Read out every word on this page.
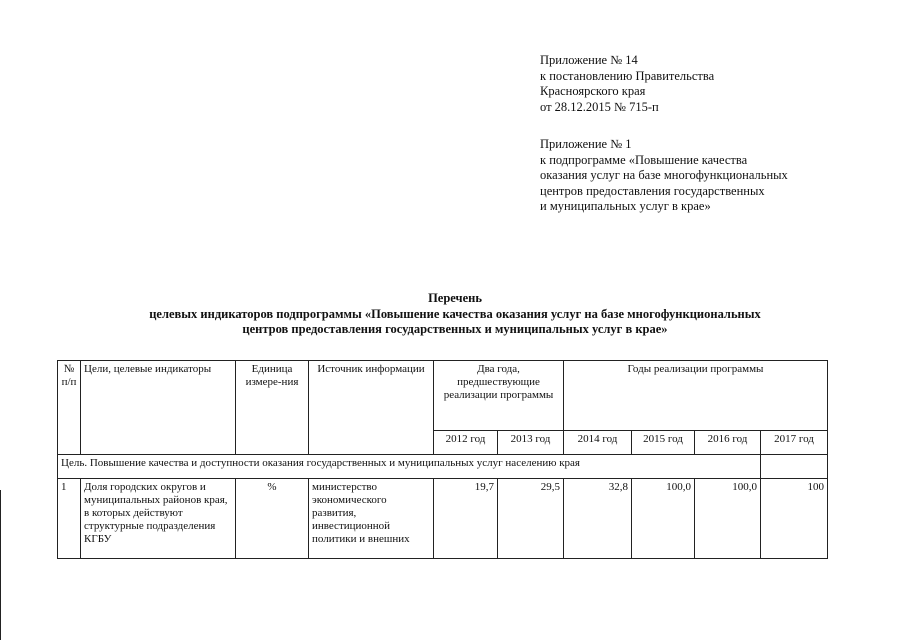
Приложение № 14
к постановлению Правительства
Красноярского края
от 28.12.2015 № 715-п
Приложение № 1
к подпрограмме «Повышение качества
оказания услуг на базе многофункциональных
центров предоставления государственных
и муниципальных услуг в крае»
Перечень
целевых индикаторов подпрограммы «Повышение качества оказания услуг на базе многофункциональных
центров предоставления государственных и муниципальных услуг в крае»
№ п/п	Цели, целевые индикаторы	Единица измере-ния	Источник информации	Два года, предшествующие реализации программы		Годы реализации программы			
				2012 год	2013 год	2014 год	2015 год	2016 год	2017 год
Цель. Повышение качества и доступности оказания государственных и муниципальных услуг населению края									
1	Доля городских округов и муниципальных районов края, в которых действуют структурные подразделения КГБУ	%	министерство экономического развития, инвестиционной политики и внешних	19,7	29,5	32,8	100,0	100,0	100
